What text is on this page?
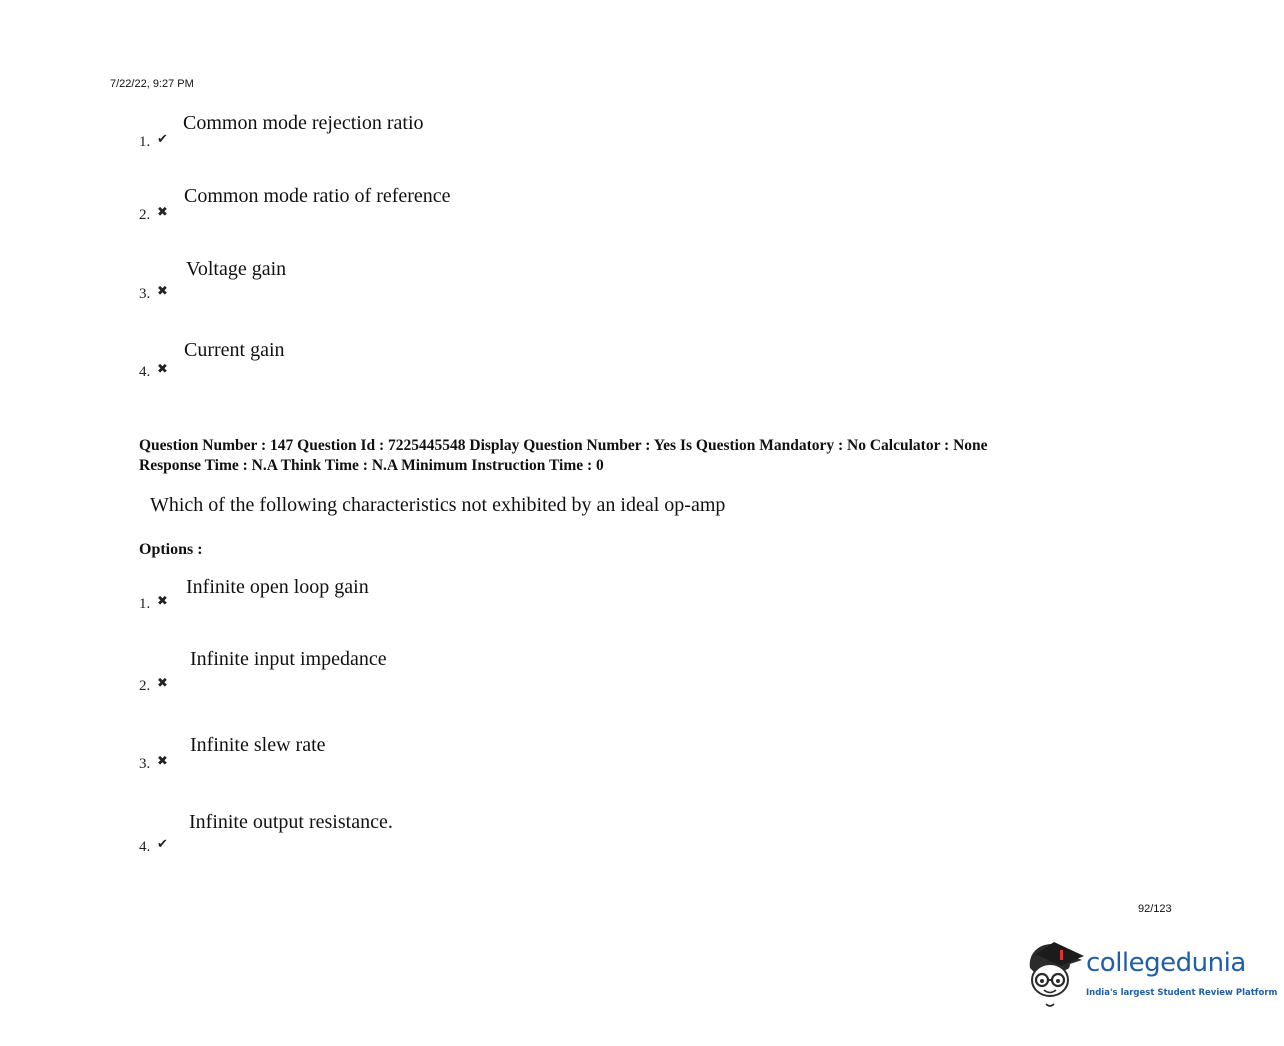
7/22/22, 9:27 PM
Common mode rejection ratio
1. ✔
Common mode ratio of reference
2. ✖
Voltage gain
3. ✖
Current gain
4. ✖
Question Number : 147 Question Id : 7225445548 Display Question Number : Yes Is Question Mandatory : No Calculator : None
Response Time : N.A Think Time : N.A Minimum Instruction Time : 0
Which of the following characteristics not exhibited by an ideal op-amp
Options :
Infinite open loop gain
1. ✖
Infinite input impedance
2. ✖
Infinite slew rate
3. ✖
Infinite output resistance.
4. ✔
92/123
collegedunia
India's largest Student Review Platform
